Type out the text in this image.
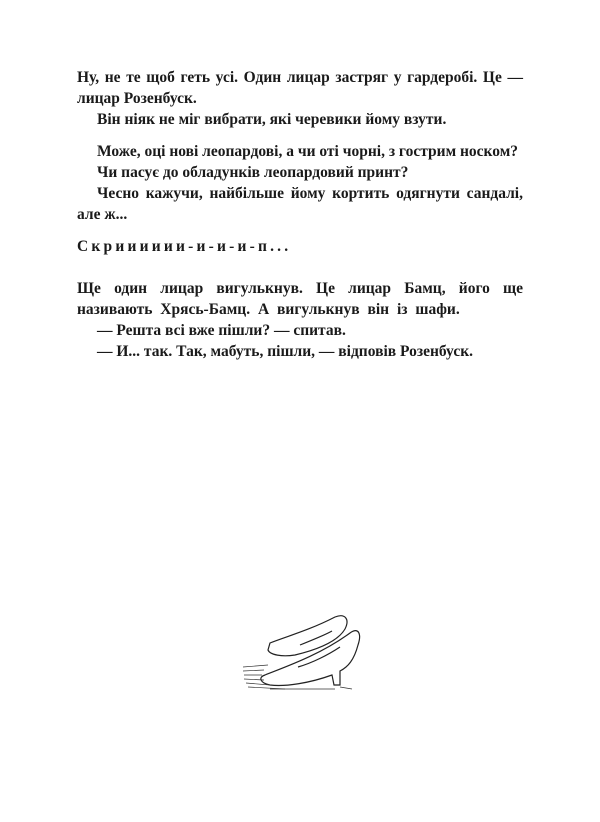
Ну, не те щоб геть усі. Один лицар застряг у гардеробі. Це — лицар Розенбуск.

Він ніяк не міг вибрати, які черевики йому взути.

Може, оці нові леопардові, а чи оті чорні, з гострим носком?

Чи пасує до обладунків леопардовий принт?

Чесно кажучи, найбільше йому кортить одягнути сандалі, але ж...

Скрииииии-и-и-и-п...

Ще один лицар вигулькнув. Це лицар Бамц, його ще називають Хрясь-Бамц. А вигулькнув він із шафи.

— Решта всі вже пішли? — спитав.

— И... так. Так, мабуть, пішли, — відповів Розенбуск.
